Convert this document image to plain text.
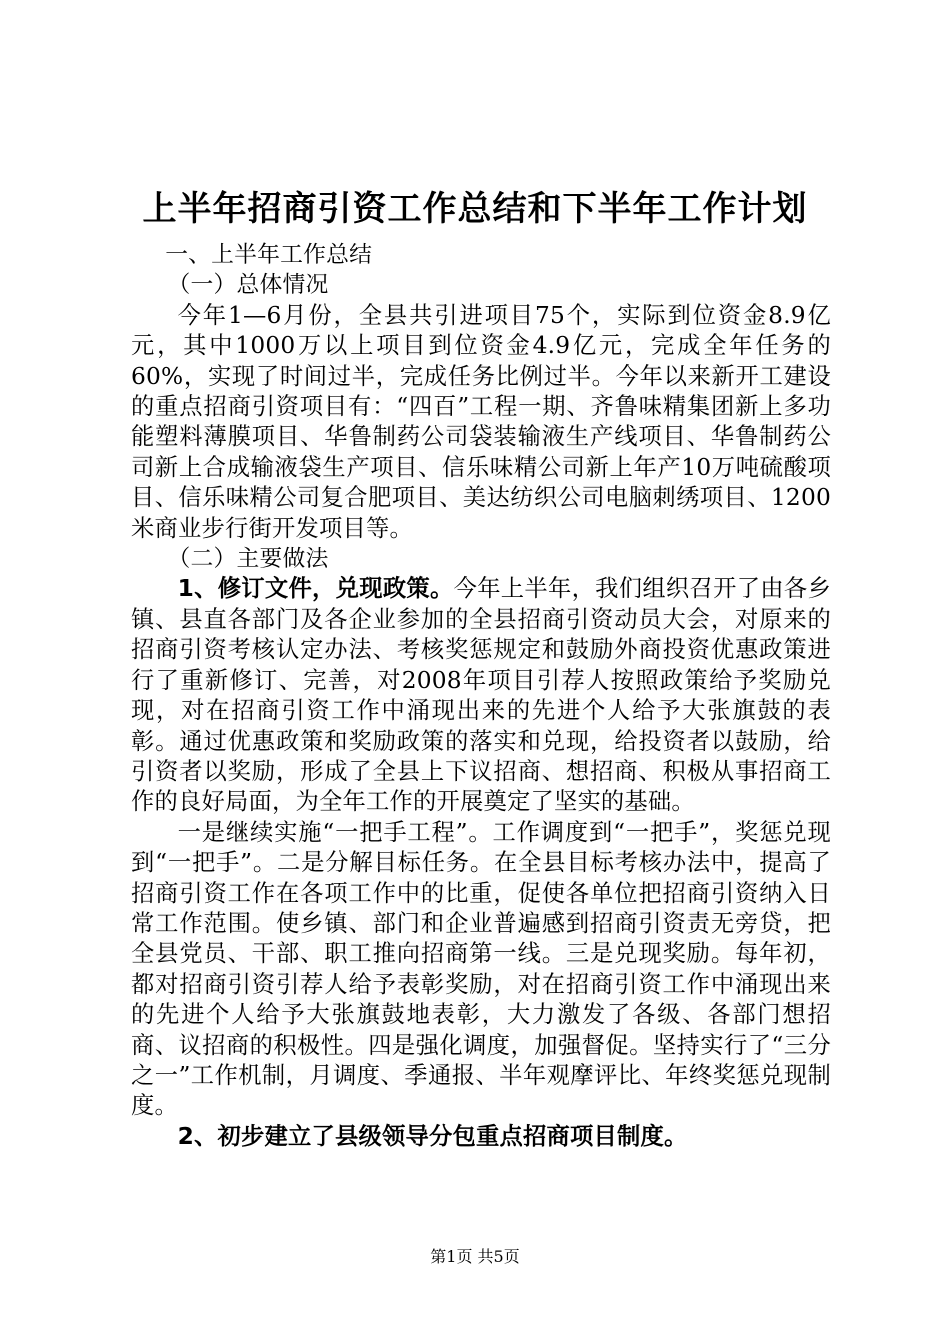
上半年招商引资工作总结和下半年工作计划

一、上半年工作总结

（一）总体情况

今年1—6月份，全县共引进项目75个，实际到位资金8.9亿元，其中1000万以上项目到位资金4.9亿元，完成全年任务的60%，实现了时间过半，完成任务比例过半。今年以来新开工建设的重点招商引资项目有：“四百”工程一期、齐鲁味精集团新上多功能塑料薄膜项目、华鲁制药公司袋装输液生产线项目、华鲁制药公司新上合成输液袋生产项目、信乐味精公司新上年产10万吨硫酸项目、信乐味精公司复合肥项目、美达纺织公司电脑刺绣项目、1200米商业步行街开发项目等。

（二）主要做法

1、修订文件，兑现政策。今年上半年，我们组织召开了由各乡镇、县直各部门及各企业参加的全县招商引资动员大会，对原来的招商引资考核认定办法、考核奖惩规定和鼓励外商投资优惠政策进行了重新修订、完善，对2008年项目引荐人按照政策给予奖励兑现，对在招商引资工作中涌现出来的先进个人给予大张旗鼓的表彰。通过优惠政策和奖励政策的落实和兑现，给投资者以鼓励，给引资者以奖励，形成了全县上下议招商、想招商、积极从事招商工作的良好局面，为全年工作的开展奠定了坚实的基础。

一是继续实施“一把手工程”。工作调度到“一把手”，奖惩兑现到“一把手”。二是分解目标任务。在全县目标考核办法中，提高了招商引资工作在各项工作中的比重，促使各单位把招商引资纳入日常工作范围。使乡镇、部门和企业普遍感到招商引资责无旁贷，把全县党员、干部、职工推向招商第一线。三是兑现奖励。每年初，都对招商引资引荐人给予表彰奖励，对在招商引资工作中涌现出来的先进个人给予大张旗鼓地表彰，大力激发了各级、各部门想招商、议招商的积极性。四是强化调度，加强督促。坚持实行了“三分之一”工作机制，月调度、季通报、半年观摩评比、年终奖惩兑现制度。

2、初步建立了县级领导分包重点招商项目制度。

第1页 共5页
